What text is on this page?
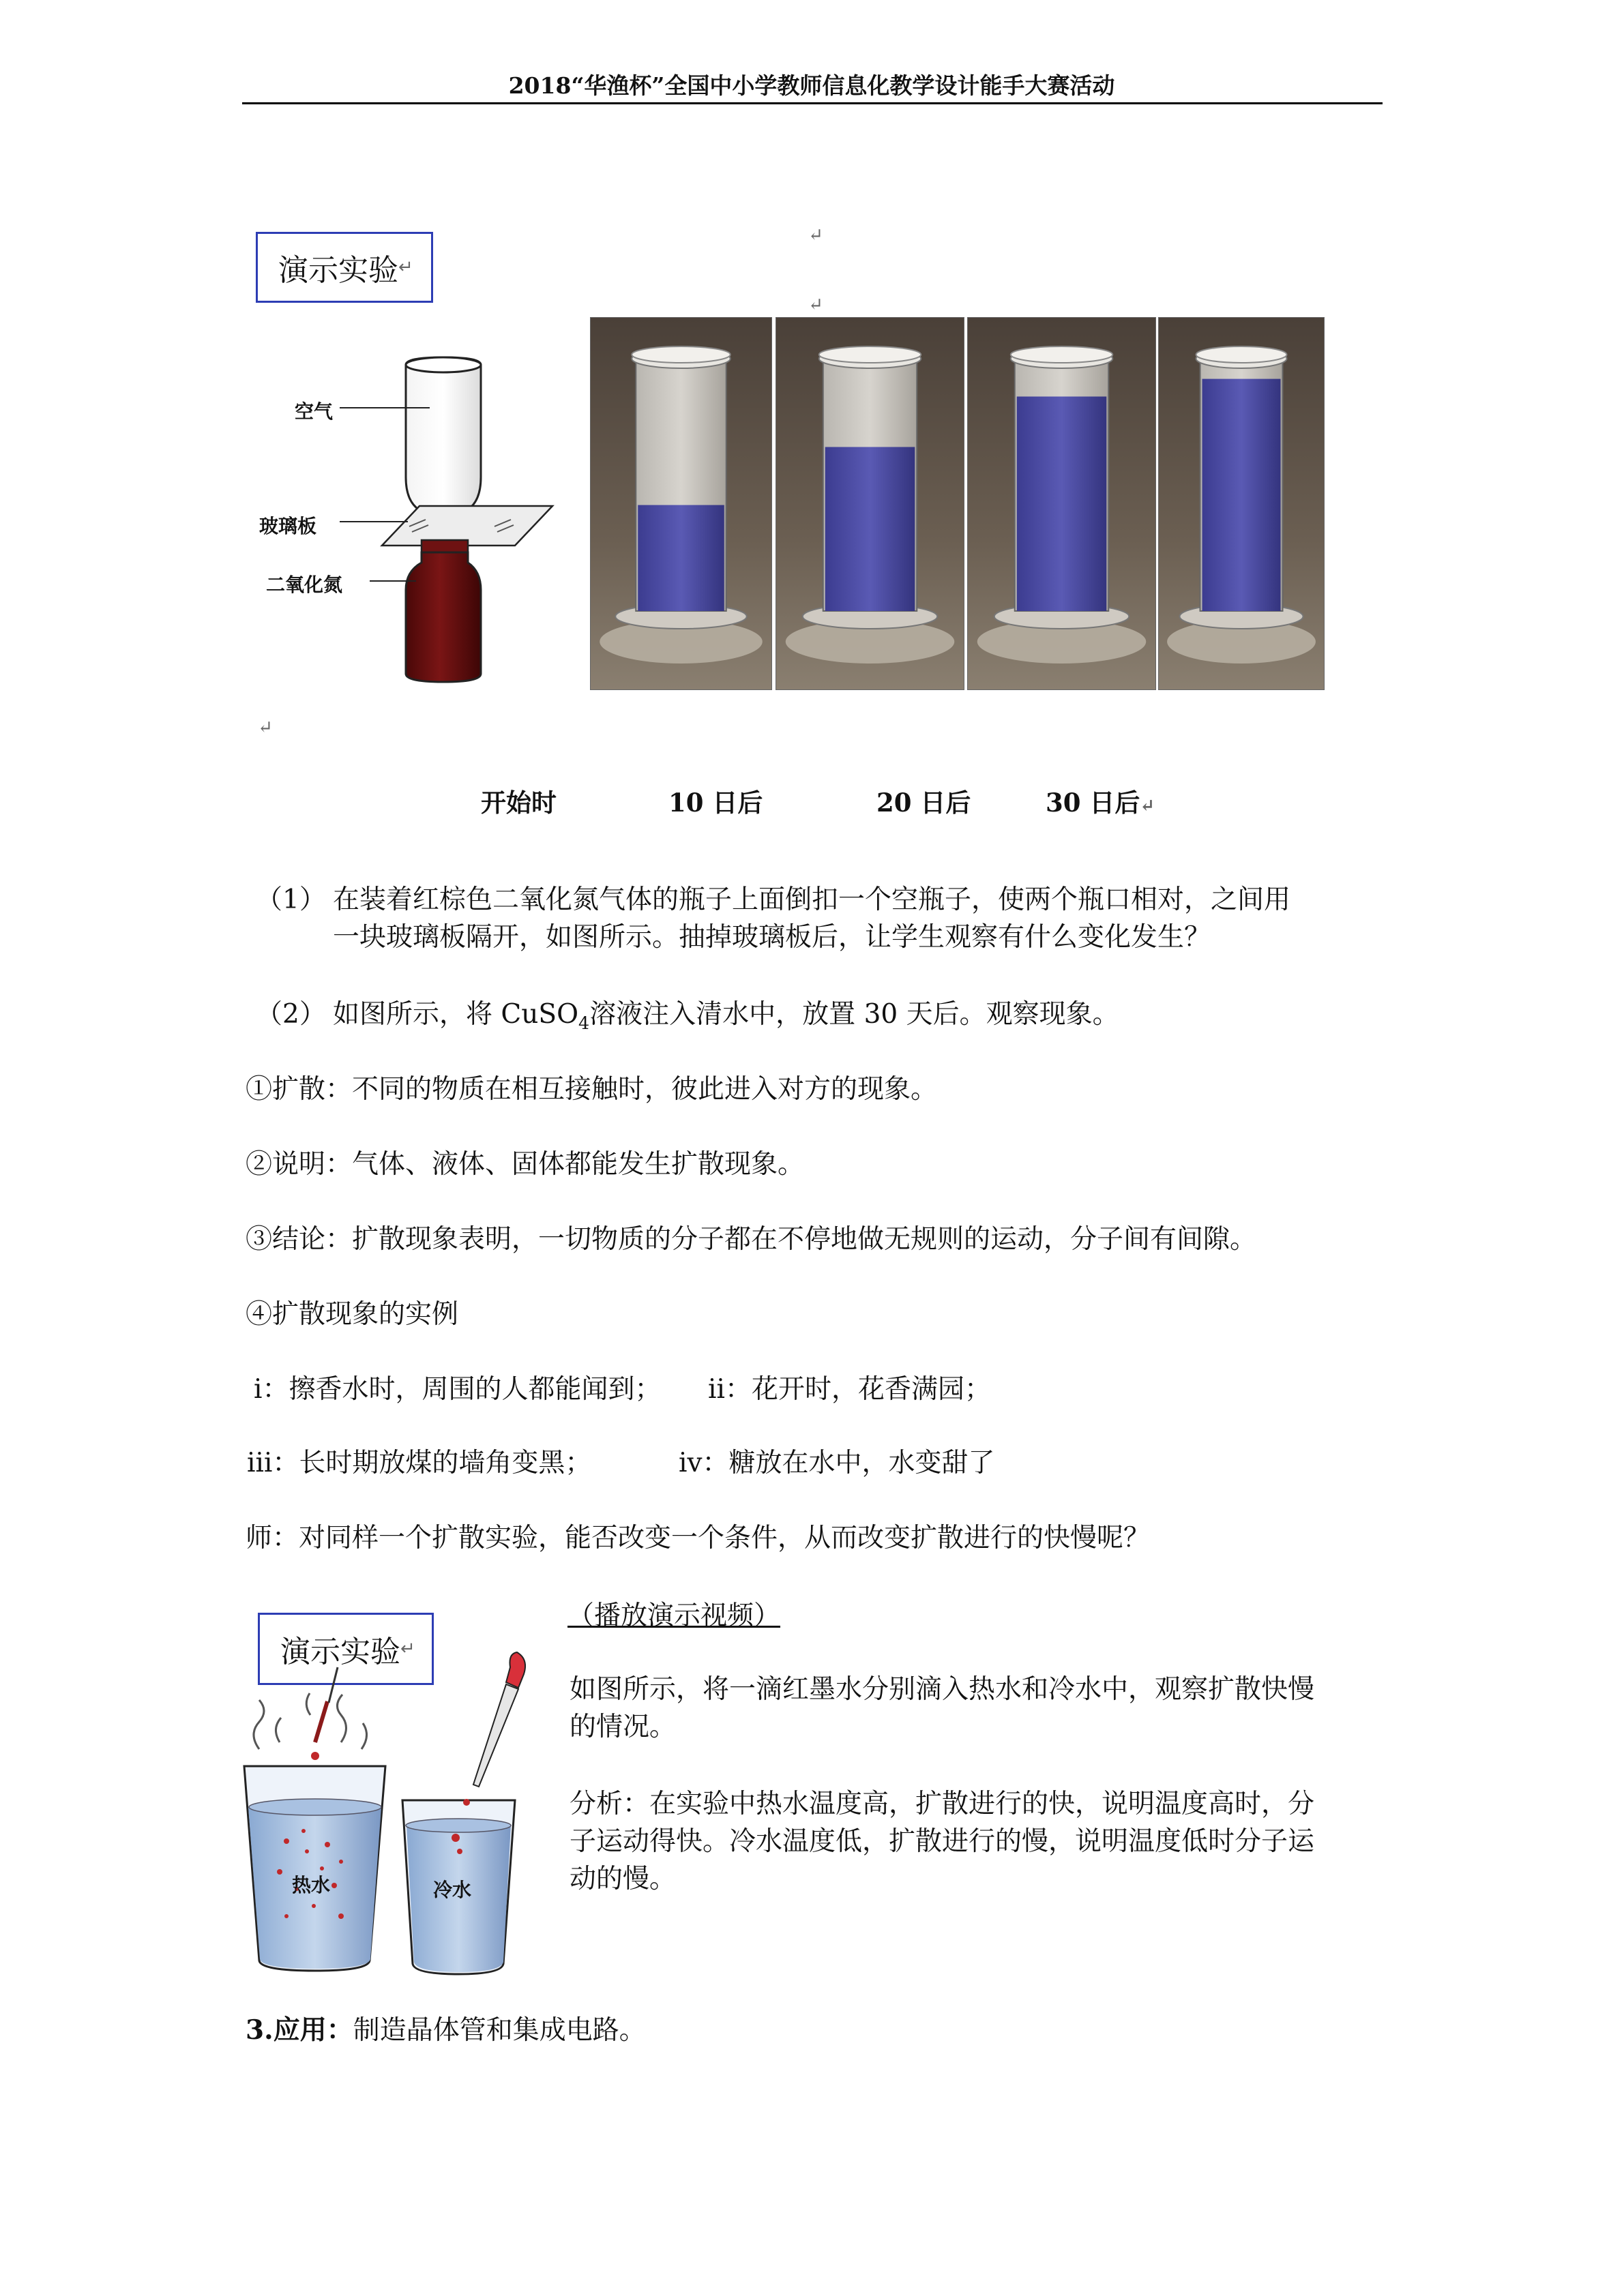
2018“华渔杯”全国中小学教师信息化教学设计能手大赛活动
演示实验 ↵
↵
↵
空气
玻璃板
二氧化氮
↵
开始时	10 日后	20 日后	30 日后↵
（1） 在装着红棕色二氧化氮气体的瓶子上面倒扣一个空瓶子，使两个瓶口相对，之间用
一块玻璃板隔开，如图所示。抽掉玻璃板后，让学生观察有什么变化发生？
（2） 如图所示，将 CuSO$_4$溶液注入清水中，放置 30 天后。观察现象。
①扩散：不同的物质在相互接触时，彼此进入对方的现象。
②说明：气体、液体、固体都能发生扩散现象。
③结论：扩散现象表明，一切物质的分子都在不停地做无规则的运动，分子间有间隙。
④扩散现象的实例
ⅰ：擦香水时，周围的人都能闻到； ⅱ：花开时，花香满园；
ⅲ：长时期放煤的墙角变黑；	ⅳ：糖放在水中，水变甜了
师：对同样一个扩散实验，能否改变一个条件，从而改变扩散进行的快慢呢？
演示实验 ↵
（播放演示视频）
热水	冷水
如图所示，将一滴红墨水分别滴入热水和冷水中，观察扩散快慢
的情况。
分析：在实验中热水温度高，扩散进行的快，说明温度高时，分
子运动得快。冷水温度低，扩散进行的慢，说明温度低时分子运
动的慢。
3.应用：制造晶体管和集成电路。
